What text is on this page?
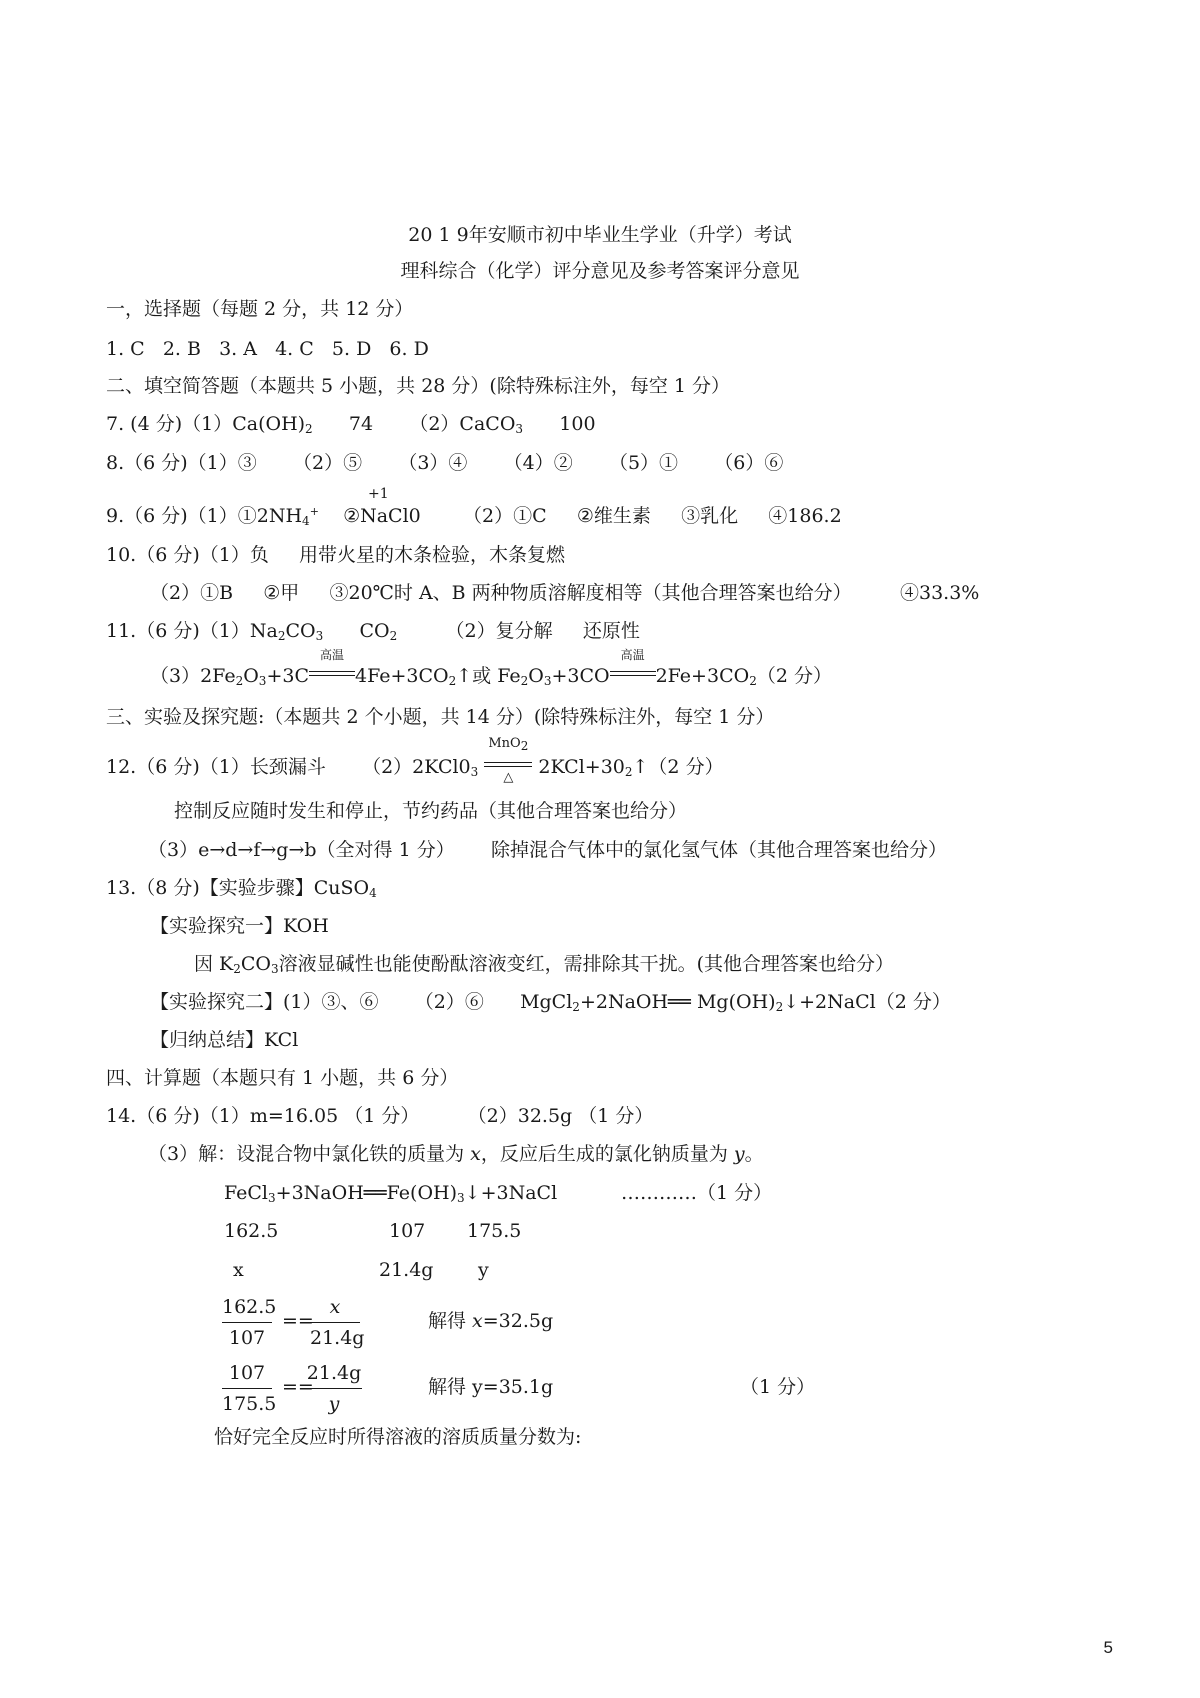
20 1 9年安顺市初中毕业生学业（升学）考试
理科综合（化学）评分意见及参考答案评分意见
一，选择题（每题 2 分，共 12 分）
1. C   2. B   3. A   4. C   5. D   6. D
二、填空简答题（本题共 5 小题，共 28 分）(除特殊标注外，每空 1 分）
7. (4 分)$(1)Ca(OH)_2$      74      （2）CaCO$_3$      100
8.（6 分)（1）③      （2）⑤      （3）④      （4）②      （5）①      （6）⑥
9.（6 分)$(1)①2NH_4^+$    ②NaCl0       （2）①C     ②维生素     ③乳化     ④186.2
+1
10.（6 分)（1）负     用带火星的木条检验，木条复燃
（2）①B     ②甲     ③20℃时 A、B 两种物质溶解度相等（其他合理答案也给分）        ④33.3%
11.（6 分)$(1)Na_2CO_3$      $CO_2$        （2）复分解     还原性
$(3)2Fe_2O_3+3C$
高温
$4Fe+3CO_2↑$或 $Fe_2O_3+3CO$
高温
$2Fe+3CO_2(2$ 分）
三、实验及探究题:（本题共 2 个小题，共 14 分）(除特殊标注外，每空 1 分）
12.（6 分)（1）长颈漏斗      $(2)2KCl0_3$
MnO2
△	$2KCl+30_2↑(2$ 分）
控制反应随时发生和停止，节约药品（其他合理答案也给分）
（3）e→d→f→g→b（全对得 1 分）      除掉混合气体中的氯化氢气体（其他合理答案也给分）
13.（8 分)【实验步骤】CuSO$_4$
【实验探究一】KOH
因 $K_2CO_3$溶液显碱性也能使酚酞溶液变红，需排除其干扰。(其他合理答案也给分）
【实验探究二】(1）③、⑥      （2）⑥      MgCl$_2$+2NaOH══ $Mg(OH)_2↓+2NaCl(2$ 分）
【归纳总结】KCl
四、计算题（本题只有 1 小题，共 6 分）
14.（6 分)（1）m=16.05 （1 分）        （2）32.5g （1 分）
（3）解：设混合物中氯化铁的质量为 x，反应后生成的氯化钠质量为 y。
$FeCl_3+3NaOH══Fe(OH)_3↓+3NaCl$	…………（1 分）
162.5	107 175.5
x	21.4g y
162.5
107
==
x
21.4g
解得 x=32.5g
107
175.5
==
21.4g
y
解得 y=35.1g	（1 分）
恰好完全反应时所得溶液的溶质质量分数为:
5
